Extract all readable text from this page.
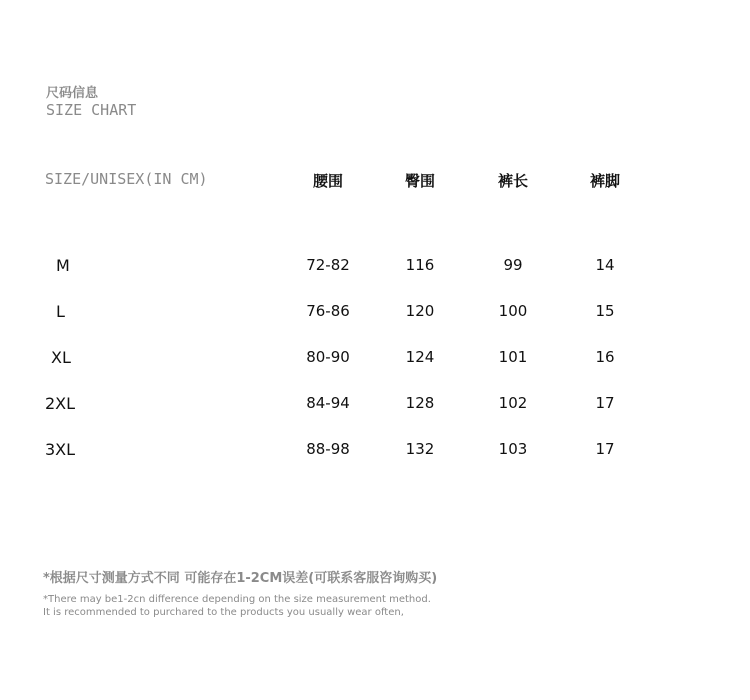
尺码信息
SIZE CHART
SIZE/UNISEX(IN CM)	腰围	臀围	裤长	裤脚
M	72-82	116	99	14
L	76-86	120	100	15
XL	80-90	124	101	16
2XL	84-94	128	102	17
3XL	88-98	132	103	17
*根据尺寸测量方式不同 可能存在1-2CM误差(可联系客服咨询购买)
*There may be1-2cn difference depending on the size measurement method.
It is recommended to purchared to the products you usually wear often,
